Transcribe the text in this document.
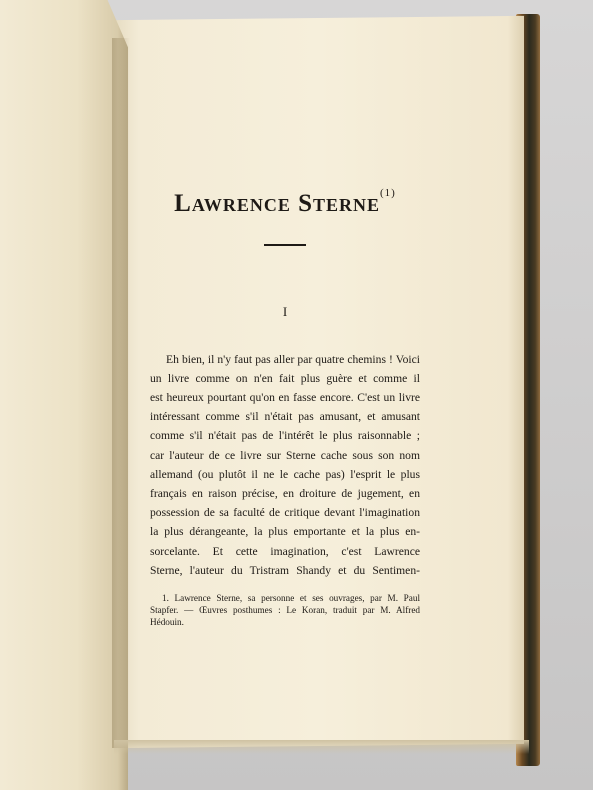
Lawrence Sterne$^{(1)}$
I
Eh bien, il n'y faut pas aller par quatre chemins ! Voici
un livre comme on n'en fait plus guère et comme il
est heureux pourtant qu'on en fasse encore. C'est un livre
intéressant comme s'il n'était pas amusant, et amusant
comme s'il n'était pas de l'intérêt le plus raisonnable ;
car l'auteur de ce livre sur Sterne cache sous son nom
allemand (ou plutôt il ne le cache pas) l'esprit le plus
français en raison précise, en droiture de jugement, en
possession de sa faculté de critique devant l'imagination
la plus dérangeante, la plus emportante et la plus en-
sorcelante. Et cette imagination, c'est Lawrence
Sterne, l'auteur du Tristram Shandy et du Sentimen-
1. Lawrence Sterne, sa personne et ses ouvrages, par M. Paul
Stapfer. — Œuvres posthumes : Le Koran, traduit par M. Alfred
Hédouin.
